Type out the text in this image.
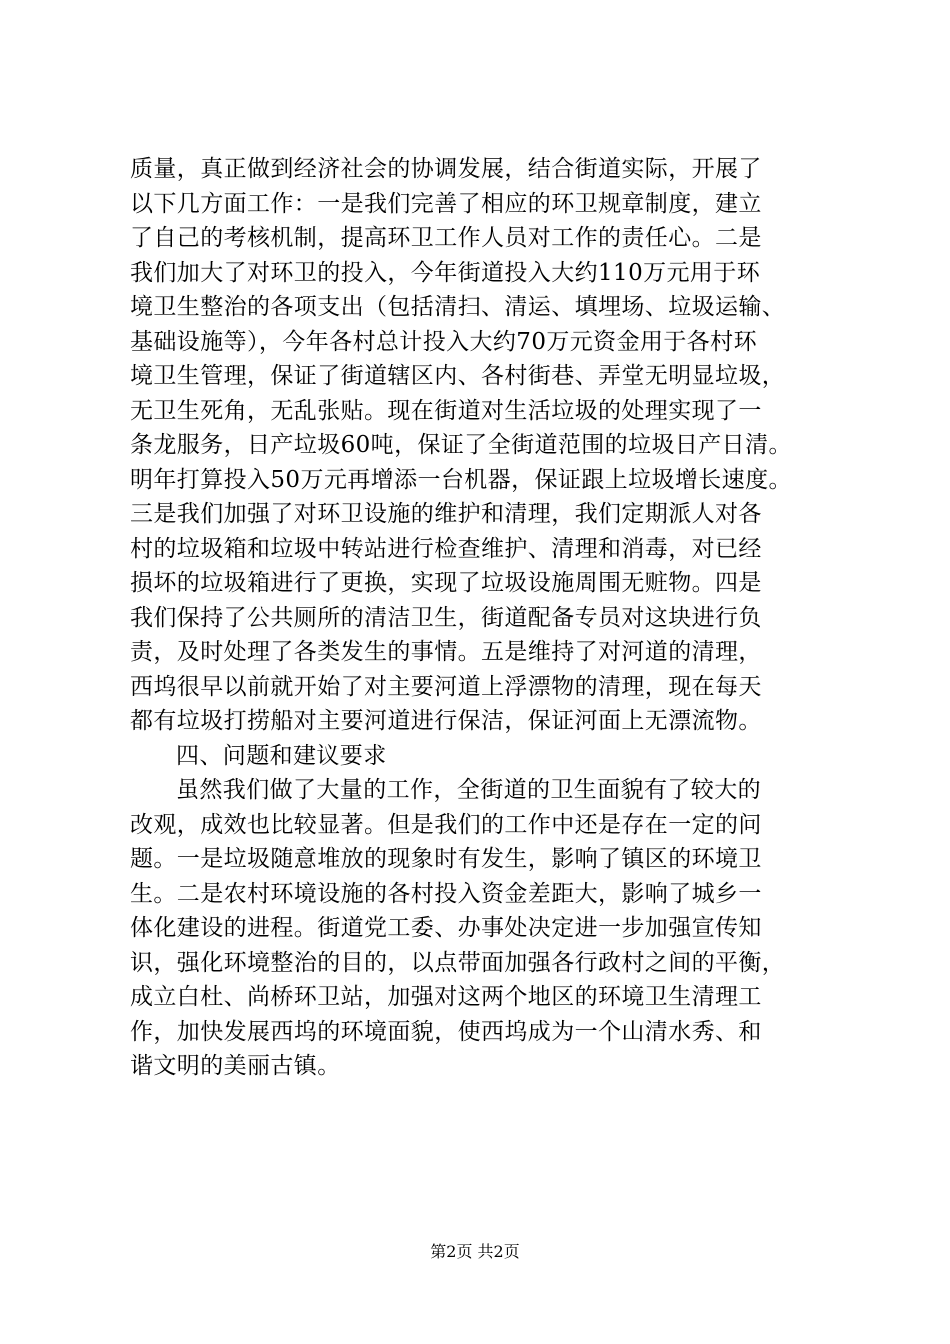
质量，真正做到经济社会的协调发展，结合街道实际，开展了
以下几方面工作：一是我们完善了相应的环卫规章制度，建立
了自己的考核机制，提高环卫工作人员对工作的责任心。二是
我们加大了对环卫的投入，今年街道投入大约110万元用于环
境卫生整治的各项支出（包括清扫、清运、填埋场、垃圾运输、
基础设施等），今年各村总计投入大约70万元资金用于各村环
境卫生管理，保证了街道辖区内、各村街巷、弄堂无明显垃圾，
无卫生死角，无乱张贴。现在街道对生活垃圾的处理实现了一
条龙服务，日产垃圾60吨，保证了全街道范围的垃圾日产日清。
明年打算投入50万元再增添一台机器，保证跟上垃圾增长速度。
三是我们加强了对环卫设施的维护和清理，我们定期派人对各
村的垃圾箱和垃圾中转站进行检查维护、清理和消毒，对已经
损坏的垃圾箱进行了更换，实现了垃圾设施周围无赃物。四是
我们保持了公共厕所的清洁卫生，街道配备专员对这块进行负
责，及时处理了各类发生的事情。五是维持了对河道的清理，
西坞很早以前就开始了对主要河道上浮漂物的清理，现在每天
都有垃圾打捞船对主要河道进行保洁，保证河面上无漂流物。
四、问题和建议要求
虽然我们做了大量的工作，全街道的卫生面貌有了较大的
改观，成效也比较显著。但是我们的工作中还是存在一定的问
题。一是垃圾随意堆放的现象时有发生，影响了镇区的环境卫
生。二是农村环境设施的各村投入资金差距大，影响了城乡一
体化建设的进程。街道党工委、办事处决定进一步加强宣传知
识，强化环境整治的目的，以点带面加强各行政村之间的平衡，
成立白杜、尚桥环卫站，加强对这两个地区的环境卫生清理工
作，加快发展西坞的环境面貌，使西坞成为一个山清水秀、和
谐文明的美丽古镇。
第2页 共2页
